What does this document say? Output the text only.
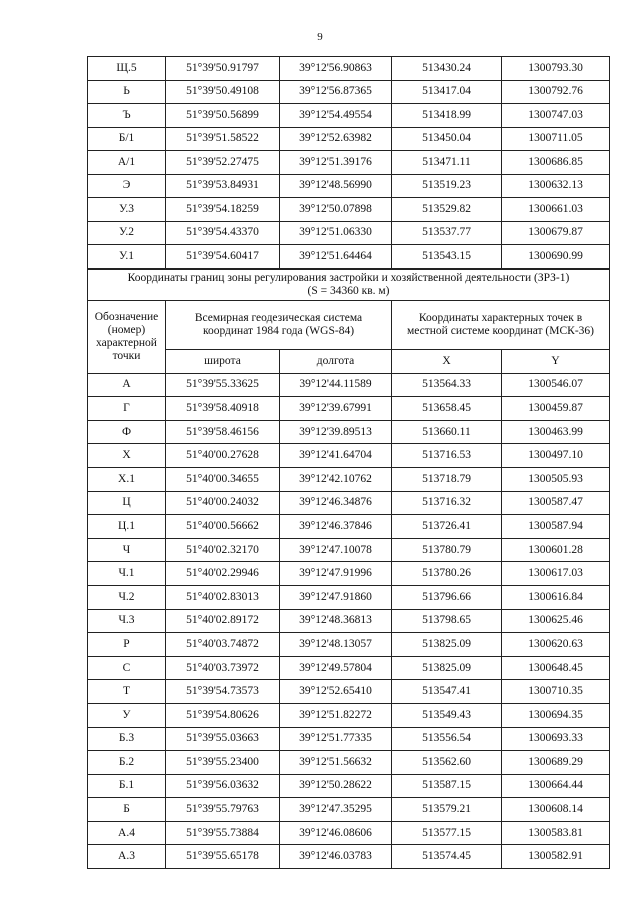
9
Щ.5	51°39'50.91797	39°12'56.90863	513430.24	1300793.30
Ь	51°39'50.49108	39°12'56.87365	513417.04	1300792.76
Ъ	51°39'50.56899	39°12'54.49554	513418.99	1300747.03
Б/1	51°39'51.58522	39°12'52.63982	513450.04	1300711.05
А/1	51°39'52.27475	39°12'51.39176	513471.11	1300686.85
Э	51°39'53.84931	39°12'48.56990	513519.23	1300632.13
У.3	51°39'54.18259	39°12'50.07898	513529.82	1300661.03
У.2	51°39'54.43370	39°12'51.06330	513537.77	1300679.87
У.1	51°39'54.60417	39°12'51.64464	513543.15	1300690.99
Координаты границ зоны регулирования застройки и хозяйственной деятельности (ЗРЗ-1)
(S = 34360 кв. м)				

Обозначение (номер) характерной точки	Всемирная геодезическая система координат 1984 года (WGS-84)		Координаты характерных точек в местной системе координат (МСК-36)	
	широта	долгота	X	Y
А	51°39'55.33625	39°12'44.11589	513564.33	1300546.07
Г	51°39'58.40918	39°12'39.67991	513658.45	1300459.87
Ф	51°39'58.46156	39°12'39.89513	513660.11	1300463.99
Х	51°40'00.27628	39°12'41.64704	513716.53	1300497.10
Х.1	51°40'00.34655	39°12'42.10762	513718.79	1300505.93
Ц	51°40'00.24032	39°12'46.34876	513716.32	1300587.47
Ц.1	51°40'00.56662	39°12'46.37846	513726.41	1300587.94
Ч	51°40'02.32170	39°12'47.10078	513780.79	1300601.28
Ч.1	51°40'02.29946	39°12'47.91996	513780.26	1300617.03
Ч.2	51°40'02.83013	39°12'47.91860	513796.66	1300616.84
Ч.3	51°40'02.89172	39°12'48.36813	513798.65	1300625.46
Р	51°40'03.74872	39°12'48.13057	513825.09	1300620.63
С	51°40'03.73972	39°12'49.57804	513825.09	1300648.45
Т	51°39'54.73573	39°12'52.65410	513547.41	1300710.35
У	51°39'54.80626	39°12'51.82272	513549.43	1300694.35
Б.3	51°39'55.03663	39°12'51.77335	513556.54	1300693.33
Б.2	51°39'55.23400	39°12'51.56632	513562.60	1300689.29
Б.1	51°39'56.03632	39°12'50.28622	513587.15	1300664.44
Б	51°39'55.79763	39°12'47.35295	513579.21	1300608.14
А.4	51°39'55.73884	39°12'46.08606	513577.15	1300583.81
А.3	51°39'55.65178	39°12'46.03783	513574.45	1300582.91
